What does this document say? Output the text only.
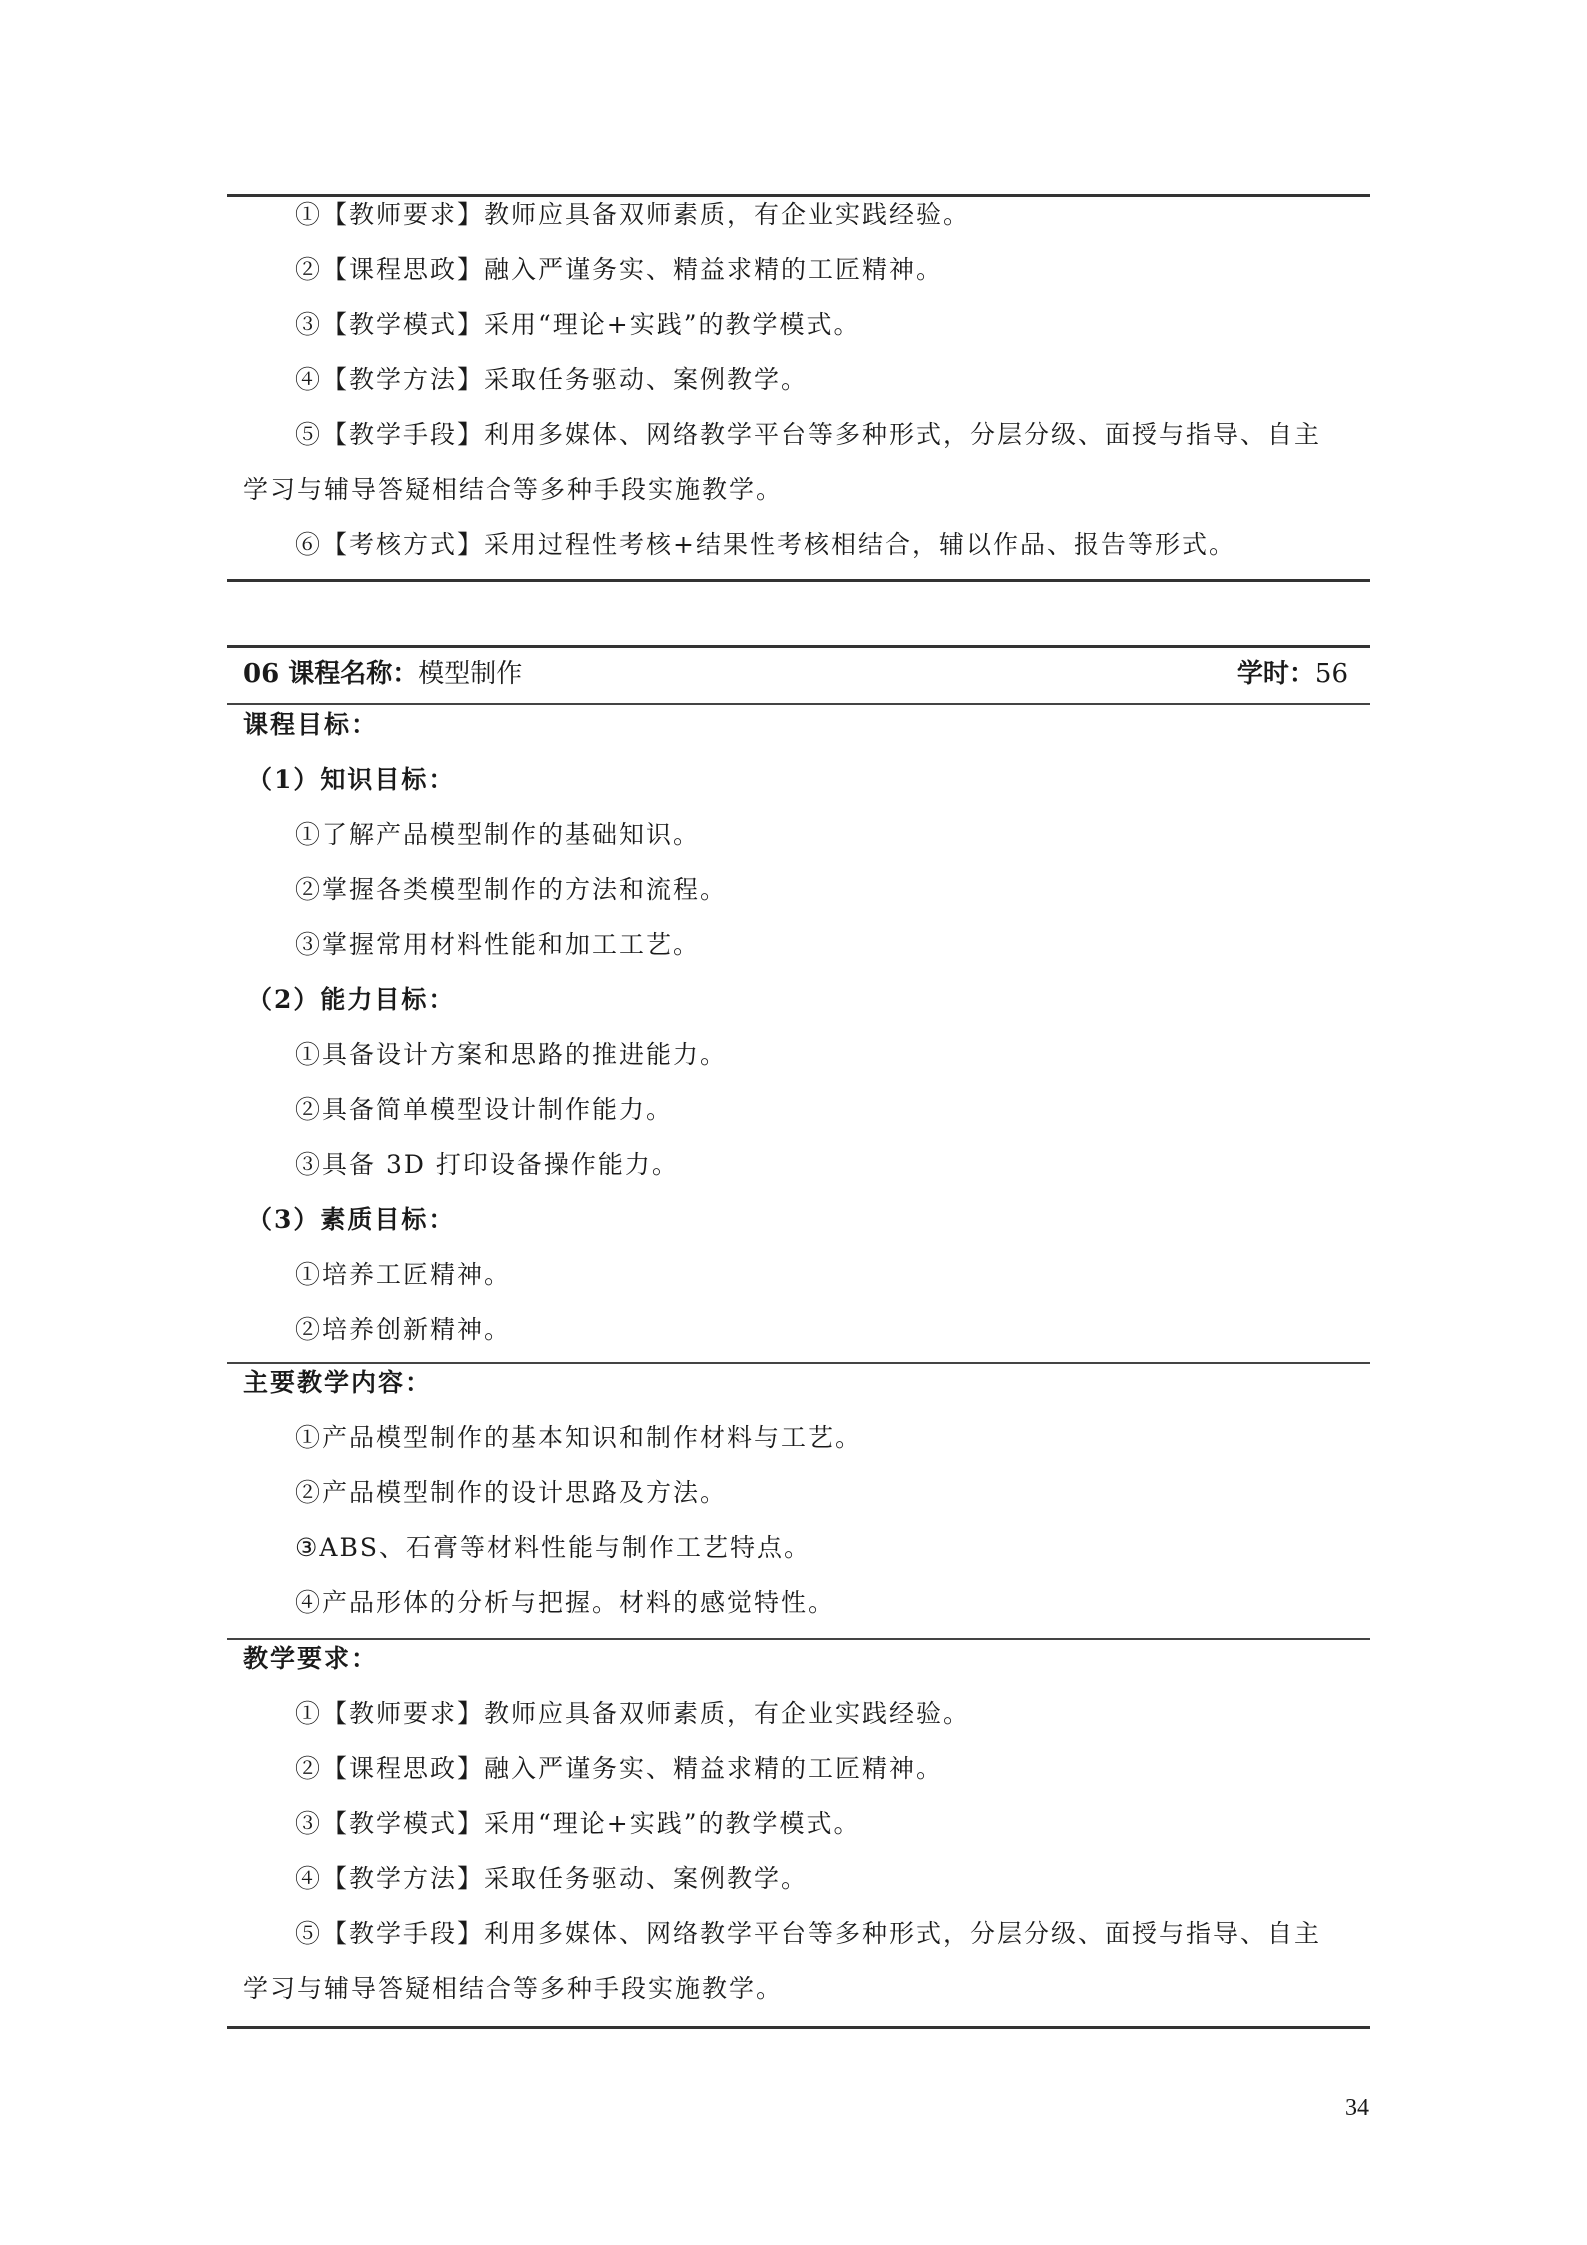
①【教师要求】教师应具备双师素质，有企业实践经验。
②【课程思政】融入严谨务实、精益求精的工匠精神。
③【教学模式】采用“理论+实践”的教学模式。
④【教学方法】采取任务驱动、案例教学。
⑤【教学手段】利用多媒体、网络教学平台等多种形式，分层分级、面授与指导、自主
学习与辅导答疑相结合等多种手段实施教学。
⑥【考核方式】采用过程性考核+结果性考核相结合，辅以作品、报告等形式。
06 课程名称：模型制作	学时：56
课程目标：
（1）知识目标：
①了解产品模型制作的基础知识。
②掌握各类模型制作的方法和流程。
③掌握常用材料性能和加工工艺。
（2）能力目标：
①具备设计方案和思路的推进能力。
②具备简单模型设计制作能力。
③具备 3D 打印设备操作能力。
（3）素质目标：
①培养工匠精神。
②培养创新精神。
主要教学内容：
①产品模型制作的基本知识和制作材料与工艺。
②产品模型制作的设计思路及方法。
③ABS、石膏等材料性能与制作工艺特点。
④产品形体的分析与把握。材料的感觉特性。
教学要求：
①【教师要求】教师应具备双师素质，有企业实践经验。
②【课程思政】融入严谨务实、精益求精的工匠精神。
③【教学模式】采用“理论+实践”的教学模式。
④【教学方法】采取任务驱动、案例教学。
⑤【教学手段】利用多媒体、网络教学平台等多种形式，分层分级、面授与指导、自主
学习与辅导答疑相结合等多种手段实施教学。
34
